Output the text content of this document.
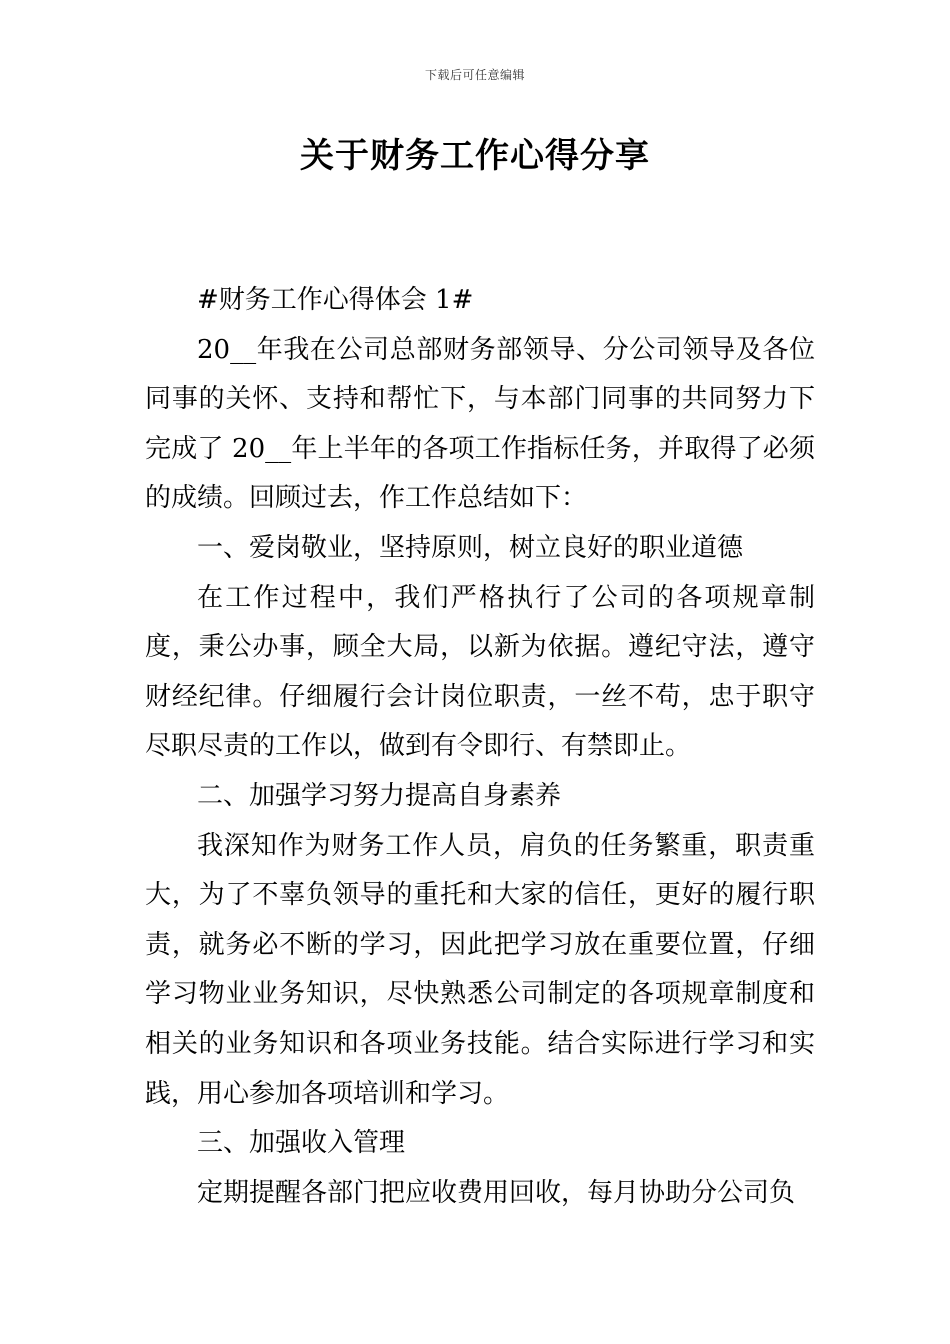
下载后可任意编辑
关于财务工作心得分享

#财务工作心得体会 1#

20__年我在公司总部财务部领导、分公司领导及各位同事的关怀、支持和帮忙下，与本部门同事的共同努力下完成了 20__年上半年的各项工作指标任务，并取得了必须的成绩。回顾过去，作工作总结如下：

一、爱岗敬业，坚持原则，树立良好的职业道德

在工作过程中，我们严格执行了公司的各项规章制度，秉公办事，顾全大局，以新为依据。遵纪守法，遵守财经纪律。仔细履行会计岗位职责，一丝不苟，忠于职守尽职尽责的工作以，做到有令即行、有禁即止。

二、加强学习努力提高自身素养

我深知作为财务工作人员，肩负的任务繁重，职责重大，为了不辜负领导的重托和大家的信任，更好的履行职责，就务必不断的学习，因此把学习放在重要位置，仔细学习物业业务知识，尽快熟悉公司制定的各项规章制度和相关的业务知识和各项业务技能。结合实际进行学习和实践，用心参加各项培训和学习。

三、加强收入管理

定期提醒各部门把应收费用回收，每月协助分公司负
